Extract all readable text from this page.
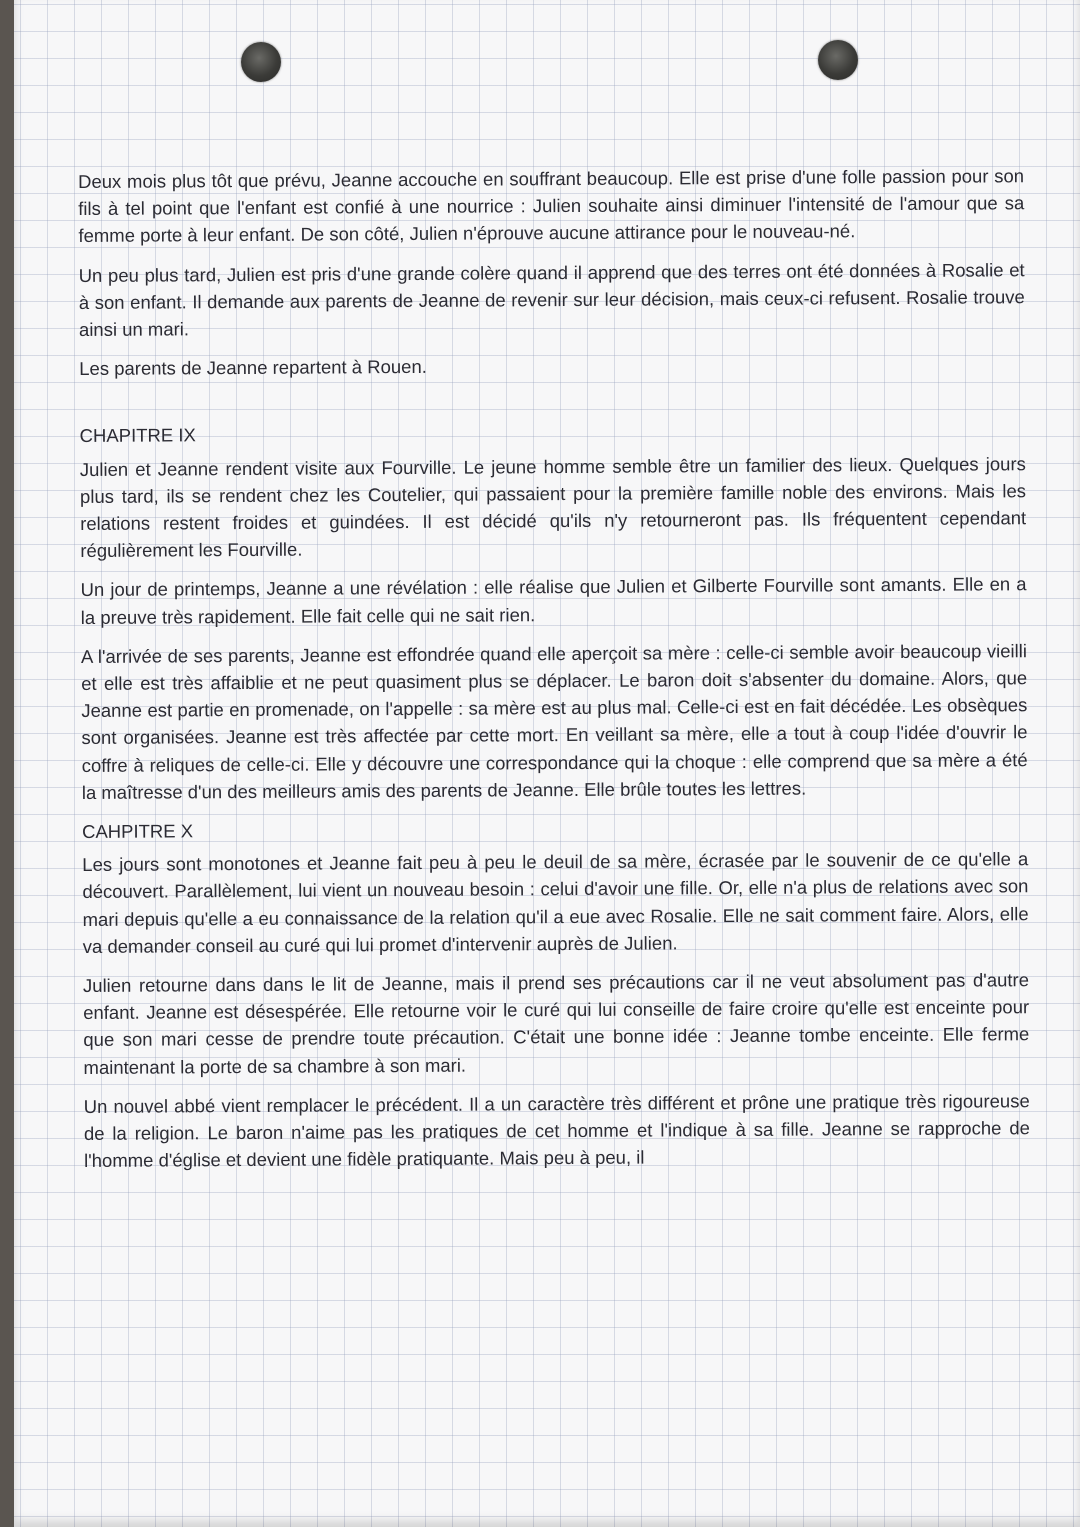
Deux mois plus tôt que prévu, Jeanne accouche en souffrant beaucoup. Elle est prise d'une folle passion pour son fils à tel point que l'enfant est confié à une nourrice : Julien souhaite ainsi diminuer l'intensité de l'amour que sa femme porte à leur enfant. De son côté, Julien n'éprouve aucune attirance pour le nouveau-né.

Un peu plus tard, Julien est pris d'une grande colère quand il apprend que des terres ont été données à Rosalie et à son enfant. Il demande aux parents de Jeanne de revenir sur leur décision, mais ceux-ci refusent. Rosalie trouve ainsi un mari.

Les parents de Jeanne repartent à Rouen.

CHAPITRE IX

Julien et Jeanne rendent visite aux Fourville. Le jeune homme semble être un familier des lieux. Quelques jours plus tard, ils se rendent chez les Coutelier, qui passaient pour la première famille noble des environs. Mais les relations restent froides et guindées. Il est décidé qu'ils n'y retourneront pas. Ils fréquentent cependant régulièrement les Fourville.

Un jour de printemps, Jeanne a une révélation : elle réalise que Julien et Gilberte Fourville sont amants. Elle en a la preuve très rapidement. Elle fait celle qui ne sait rien.

A l'arrivée de ses parents, Jeanne est effondrée quand elle aperçoit sa mère : celle-ci semble avoir beaucoup vieilli et elle est très affaiblie et ne peut quasiment plus se déplacer. Le baron doit s'absenter du domaine. Alors, que Jeanne est partie en promenade, on l'appelle : sa mère est au plus mal. Celle-ci est en fait décédée. Les obsèques sont organisées. Jeanne est très affectée par cette mort. En veillant sa mère, elle a tout à coup l'idée d'ouvrir le coffre à reliques de celle-ci. Elle y découvre une correspondance qui la choque : elle comprend que sa mère a été la maîtresse d'un des meilleurs amis des parents de Jeanne. Elle brûle toutes les lettres.

CAHPITRE X

Les jours sont monotones et Jeanne fait peu à peu le deuil de sa mère, écrasée par le souvenir de ce qu'elle a découvert. Parallèlement, lui vient un nouveau besoin : celui d'avoir une fille. Or, elle n'a plus de relations avec son mari depuis qu'elle a eu connaissance de la relation qu'il a eue avec Rosalie. Elle ne sait comment faire. Alors, elle va demander conseil au curé qui lui promet d'intervenir auprès de Julien.

Julien retourne dans dans le lit de Jeanne, mais il prend ses précautions car il ne veut absolument pas d'autre enfant. Jeanne est désespérée. Elle retourne voir le curé qui lui conseille de faire croire qu'elle est enceinte pour que son mari cesse de prendre toute précaution. C'était une bonne idée : Jeanne tombe enceinte. Elle ferme maintenant la porte de sa chambre à son mari.

Un nouvel abbé vient remplacer le précédent. Il a un caractère très différent et prône une pratique très rigoureuse de la religion. Le baron n'aime pas les pratiques de cet homme et l'indique à sa fille. Jeanne se rapproche de l'homme d'église et devient une fidèle pratiquante. Mais peu à peu, il
